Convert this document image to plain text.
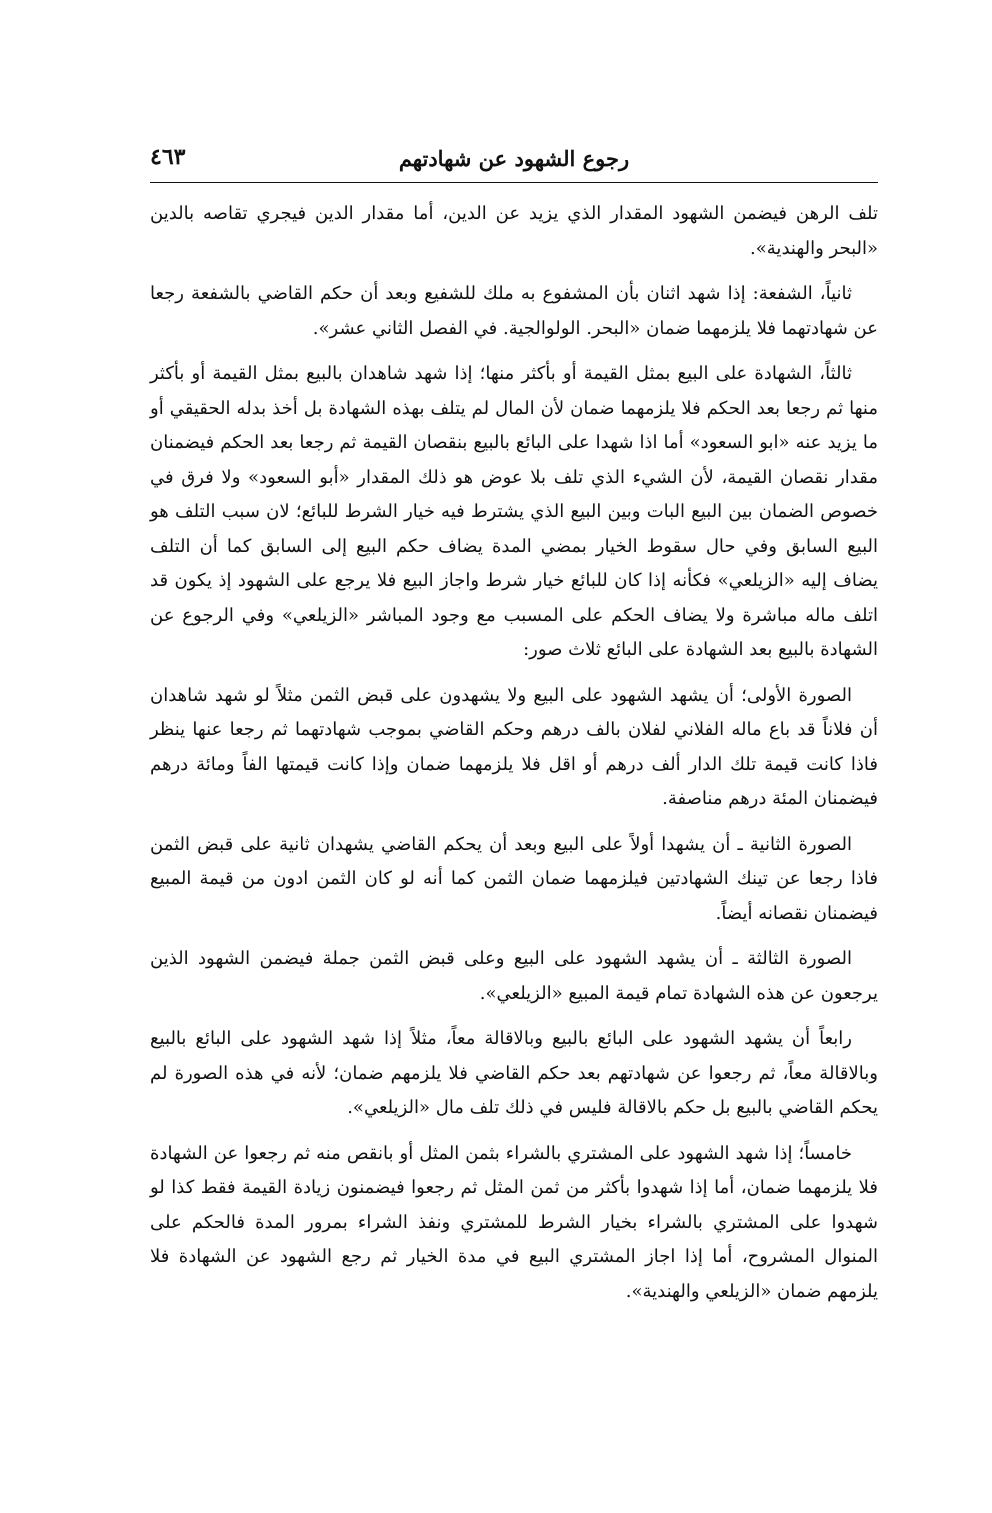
رجوع الشهود عن شهادتهم
٤٦٣

تلف الرهن فيضمن الشهود المقدار الذي يزيد عن الدين، أما مقدار الدين فيجري تقاصه بالدين «البحر والهندية».

ثانياً، الشفعة: إذا شهد اثنان بأن المشفوع به ملك للشفيع وبعد أن حكم القاضي بالشفعة رجعا عن شهادتهما فلا يلزمهما ضمان «البحر. الولوالجية. في الفصل الثاني عشر».

ثالثاً، الشهادة على البيع بمثل القيمة أو بأكثر منها؛ إذا شهد شاهدان بالبيع بمثل القيمة أو بأكثر منها ثم رجعا بعد الحكم فلا يلزمهما ضمان لأن المال لم يتلف بهذه الشهادة بل أخذ بدله الحقيقي أو ما يزيد عنه «ابو السعود» أما اذا شهدا على البائع بالبيع بنقصان القيمة ثم رجعا بعد الحكم فيضمنان مقدار نقصان القيمة، لأن الشيء الذي تلف بلا عوض هو ذلك المقدار «أبو السعود» ولا فرق في خصوص الضمان بين البيع البات وبين البيع الذي يشترط فيه خيار الشرط للبائع؛ لان سبب التلف هو البيع السابق وفي حال سقوط الخيار بمضي المدة يضاف حكم البيع إلى السابق كما أن التلف يضاف إليه «الزيلعي» فكأنه إذا كان للبائع خيار شرط واجاز البيع فلا يرجع على الشهود إذ يكون قد اتلف ماله مباشرة ولا يضاف الحكم على المسبب مع وجود المباشر «الزيلعي» وفي الرجوع عن الشهادة بالبيع بعد الشهادة على البائع ثلاث صور:

الصورة الأولى؛ أن يشهد الشهود على البيع ولا يشهدون على قبض الثمن مثلاً لو شهد شاهدان أن فلاناً قد باع ماله الفلاني لفلان بالف درهم وحكم القاضي بموجب شهادتهما ثم رجعا عنها ينظر فاذا كانت قيمة تلك الدار ألف درهم أو اقل فلا يلزمهما ضمان وإذا كانت قيمتها الفاً ومائة درهم فيضمنان المئة درهم مناصفة.

الصورة الثانية ـ أن يشهدا أولاً على البيع وبعد أن يحكم القاضي يشهدان ثانية على قبض الثمن فاذا رجعا عن تينك الشهادتين فيلزمهما ضمان الثمن كما أنه لو كان الثمن ادون من قيمة المبيع فيضمنان نقصانه أيضاً.

الصورة الثالثة ـ أن يشهد الشهود على البيع وعلى قبض الثمن جملة فيضمن الشهود الذين يرجعون عن هذه الشهادة تمام قيمة المبيع «الزيلعي».

رابعاً أن يشهد الشهود على البائع بالبيع وبالاقالة معاً، مثلاً إذا شهد الشهود على البائع بالبيع وبالاقالة معاً، ثم رجعوا عن شهادتهم بعد حكم القاضي فلا يلزمهم ضمان؛ لأنه في هذه الصورة لم يحكم القاضي بالبيع بل حكم بالاقالة فليس في ذلك تلف مال «الزيلعي».

خامساً؛ إذا شهد الشهود على المشتري بالشراء بثمن المثل أو بانقص منه ثم رجعوا عن الشهادة فلا يلزمهما ضمان، أما إذا شهدوا بأكثر من ثمن المثل ثم رجعوا فيضمنون زيادة القيمة فقط كذا لو شهدوا على المشتري بالشراء بخيار الشرط للمشتري ونفذ الشراء بمرور المدة فالحكم على المنوال المشروح، أما إذا اجاز المشتري البيع في مدة الخيار ثم رجع الشهود عن الشهادة فلا يلزمهم ضمان «الزيلعي والهندية».
